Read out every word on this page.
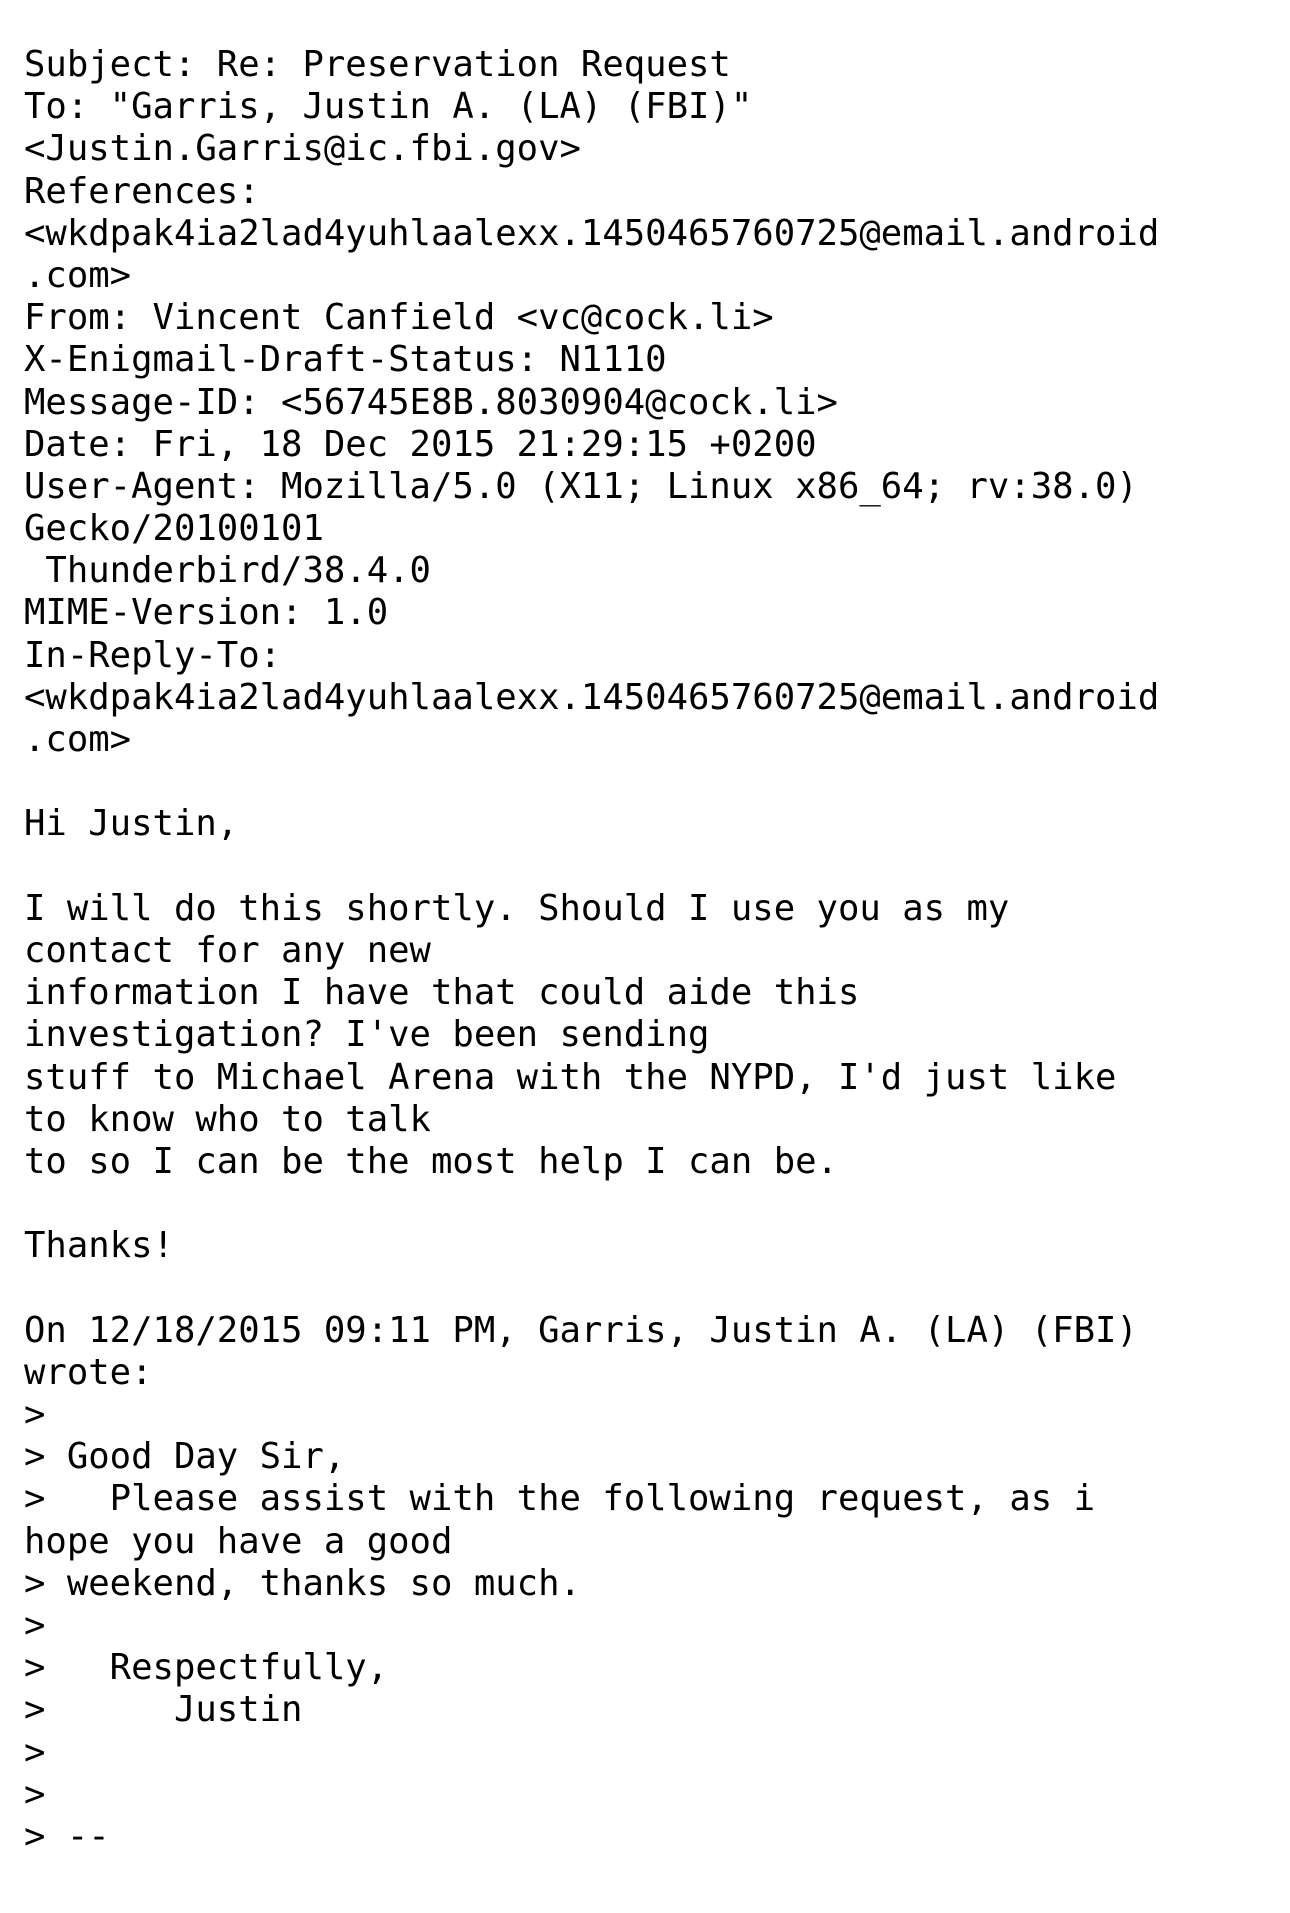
Subject: Re: Preservation Request
To: "Garris, Justin A. (LA) (FBI)"
<Justin.Garris@ic.fbi.gov>
References:
<wkdpak4ia2lad4yuhlaalexx.1450465760725@email.android
.com>
From: Vincent Canfield <vc@cock.li>
X-Enigmail-Draft-Status: N1110
Message-ID: <56745E8B.8030904@cock.li>
Date: Fri, 18 Dec 2015 21:29:15 +0200
User-Agent: Mozilla/5.0 (X11; Linux x86_64; rv:38.0)
Gecko/20100101
Thunderbird/38.4.0
MIME-Version: 1.0
In-Reply-To:
<wkdpak4ia2lad4yuhlaalexx.1450465760725@email.android
.com>
Hi Justin,
I will do this shortly. Should I use you as my
contact for any new
information I have that could aide this
investigation? I've been sending
stuff to Michael Arena with the NYPD, I'd just like
to know who to talk
to so I can be the most help I can be.
Thanks!
On 12/18/2015 09:11 PM, Garris, Justin A. (LA) (FBI)
wrote:
>
> Good Day Sir,
>   Please assist with the following request, as i
hope you have a good
> weekend, thanks so much.
>
>   Respectfully,
>      Justin
>
>
> --
